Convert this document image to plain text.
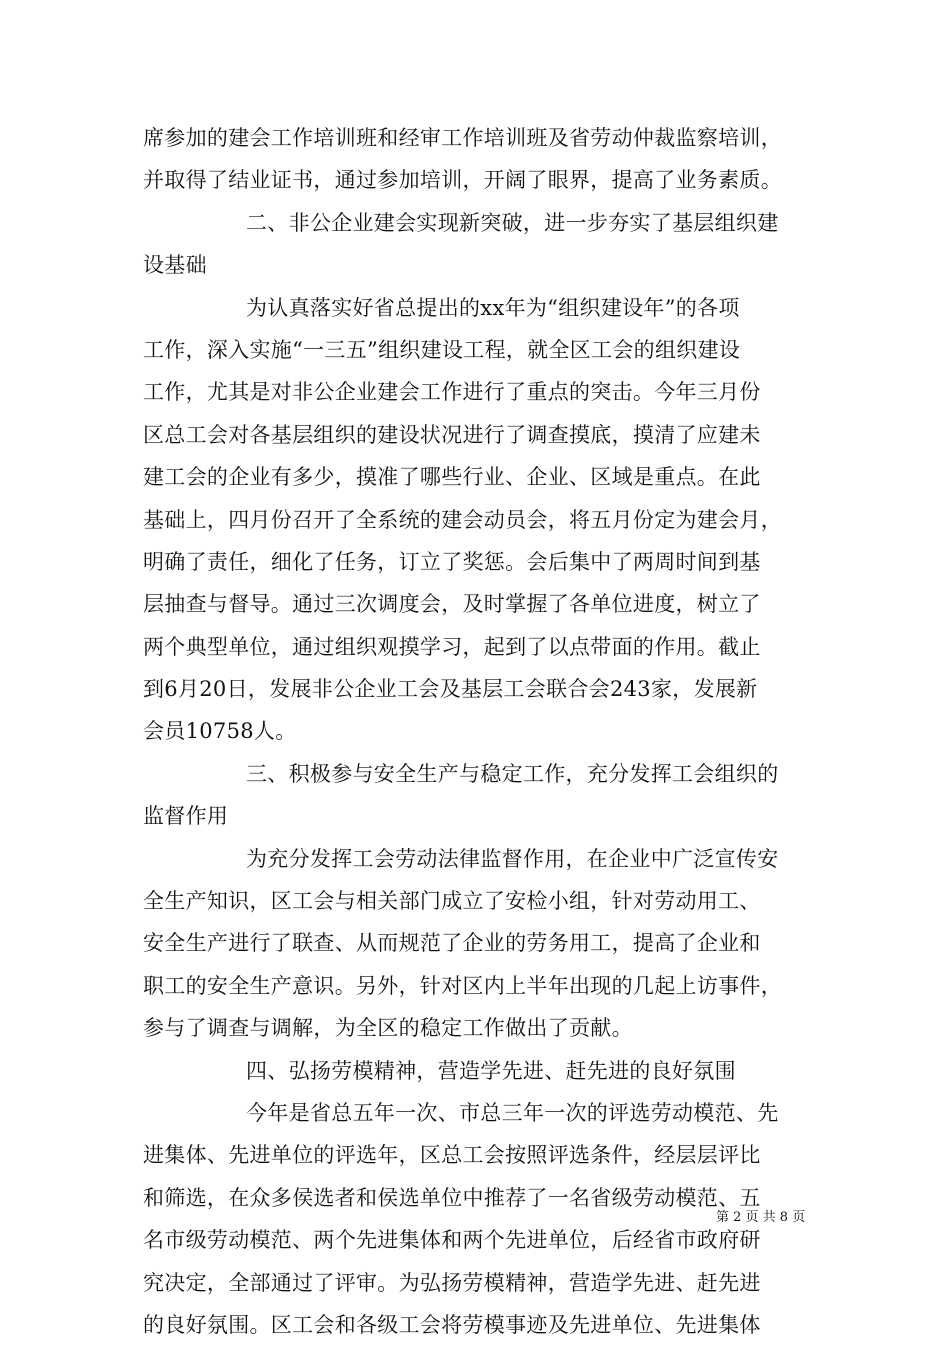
席参加的建会工作培训班和经审工作培训班及省劳动仲裁监察培训，
并取得了结业证书，通过参加培训，开阔了眼界，提高了业务素质。
二、非公企业建会实现新突破，进一步夯实了基层组织建
设基础
为认真落实好省总提出的xx年为“组织建设年”的各项
工作，深入实施“一三五”组织建设工程，就全区工会的组织建设
工作，尤其是对非公企业建会工作进行了重点的突击。今年三月份
区总工会对各基层组织的建设状况进行了调查摸底，摸清了应建未
建工会的企业有多少，摸准了哪些行业、企业、区域是重点。在此
基础上，四月份召开了全系统的建会动员会，将五月份定为建会月，
明确了责任，细化了任务，订立了奖惩。会后集中了两周时间到基
层抽查与督导。通过三次调度会，及时掌握了各单位进度，树立了
两个典型单位，通过组织观摸学习，起到了以点带面的作用。截止
到6月20日，发展非公企业工会及基层工会联合会243家，发展新
会员10758人。
三、积极参与安全生产与稳定工作，充分发挥工会组织的
监督作用
为充分发挥工会劳动法律监督作用，在企业中广泛宣传安
全生产知识，区工会与相关部门成立了安检小组，针对劳动用工、
安全生产进行了联查、从而规范了企业的劳务用工，提高了企业和
职工的安全生产意识。另外，针对区内上半年出现的几起上访事件，
参与了调查与调解，为全区的稳定工作做出了贡献。
四、弘扬劳模精神，营造学先进、赶先进的良好氛围
今年是省总五年一次、市总三年一次的评选劳动模范、先
进集体、先进单位的评选年，区总工会按照评选条件，经层层评比
和筛选，在众多侯选者和侯选单位中推荐了一名省级劳动模范、五
名市级劳动模范、两个先进集体和两个先进单位，后经省市政府研
究决定，全部通过了评审。为弘扬劳模精神，营造学先进、赶先进
的良好氛围。区工会和各级工会将劳模事迹及先进单位、先进集体
第 2 页 共 8 页
